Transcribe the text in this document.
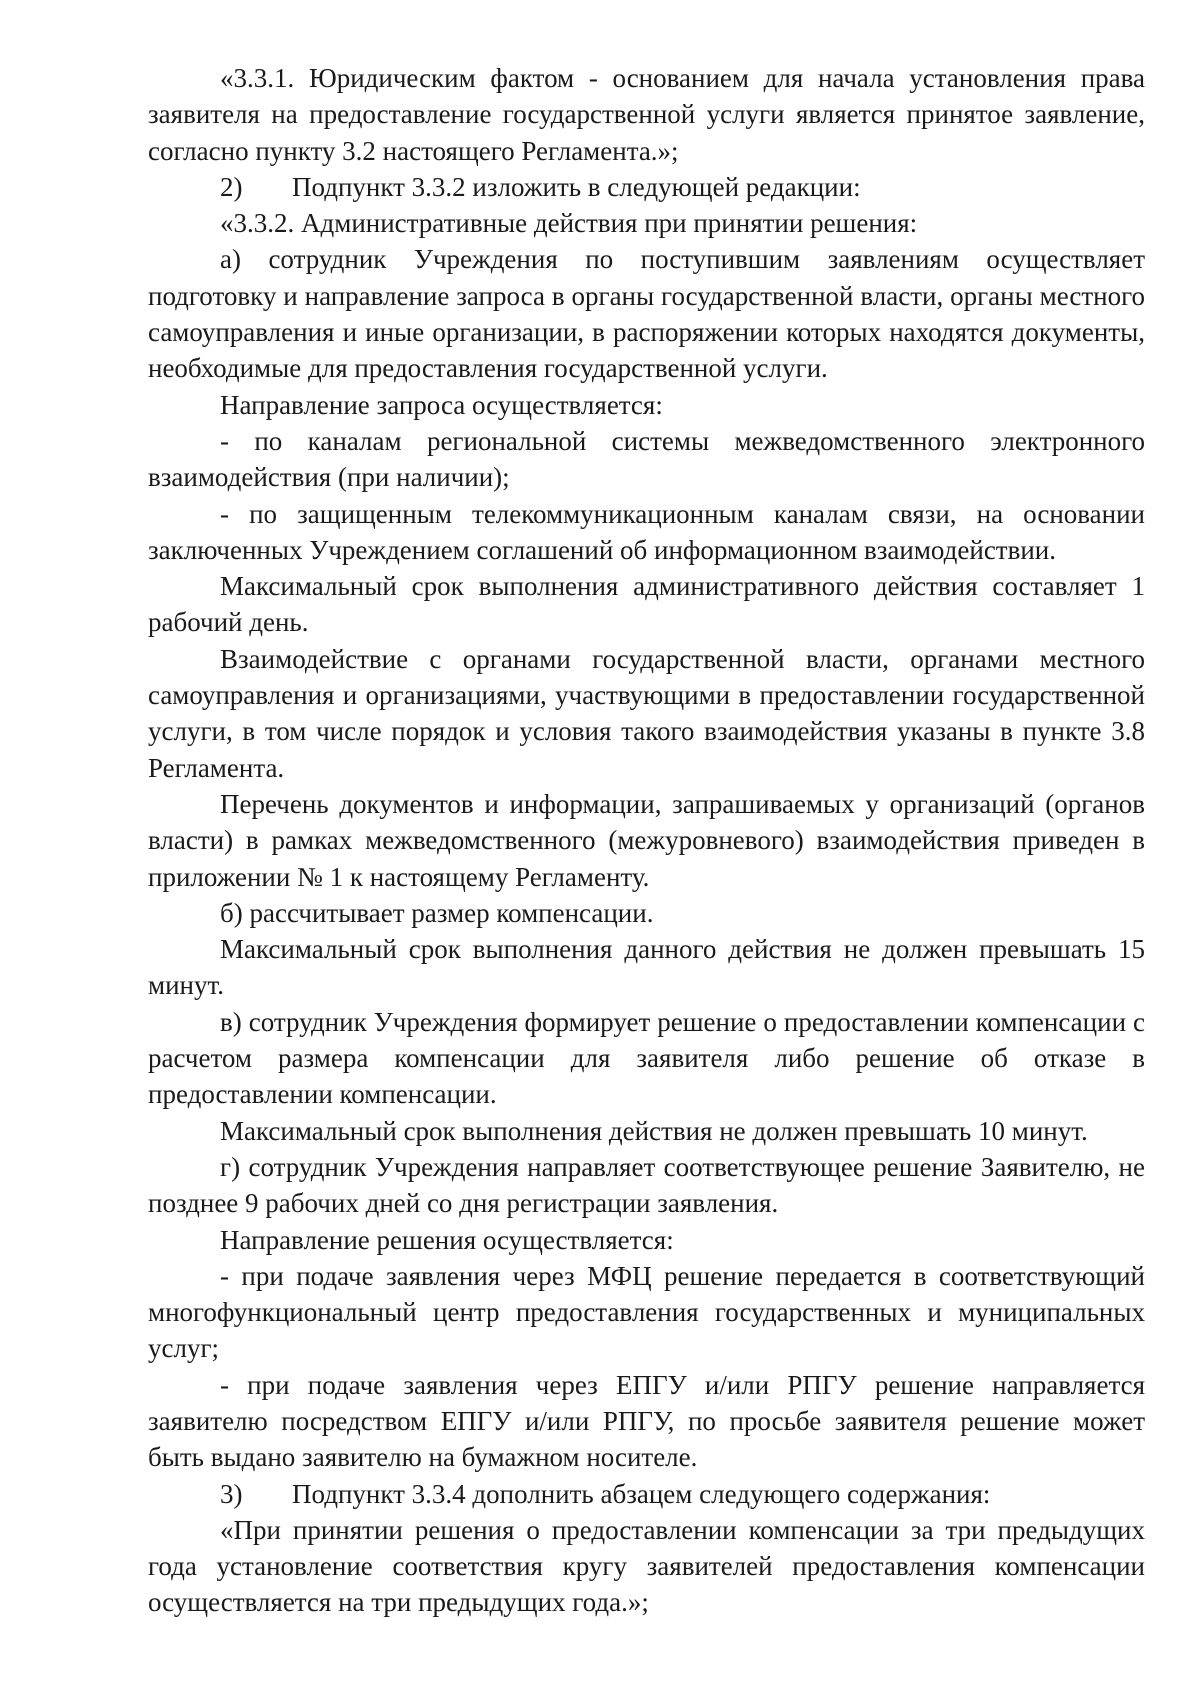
«3.3.1. Юридическим фактом - основанием для начала установления права заявителя на предоставление государственной услуги является принятое заявление, согласно пункту 3.2 настоящего Регламента.»;

2) Подпункт 3.3.2 изложить в следующей редакции:

«3.3.2. Административные действия при принятии решения:

а) сотрудник Учреждения по поступившим заявлениям осуществляет подготовку и направление запроса в органы государственной власти, органы местного самоуправления и иные организации, в распоряжении которых находятся документы, необходимые для предоставления государственной услуги.

Направление запроса осуществляется:

- по каналам региональной системы межведомственного электронного взаимодействия (при наличии);

- по защищенным телекоммуникационным каналам связи, на основании заключенных Учреждением соглашений об информационном взаимодействии.

Максимальный срок выполнения административного действия составляет 1 рабочий день.

Взаимодействие с органами государственной власти, органами местного самоуправления и организациями, участвующими в предоставлении государственной услуги, в том числе порядок и условия такого взаимодействия указаны в пункте 3.8 Регламента.

Перечень документов и информации, запрашиваемых у организаций (органов власти) в рамках межведомственного (межуровневого) взаимодействия приведен в приложении № 1 к настоящему Регламенту.

б) рассчитывает размер компенсации.

Максимальный срок выполнения данного действия не должен превышать 15 минут.

в) сотрудник Учреждения формирует решение о предоставлении компенсации с расчетом размера компенсации для заявителя либо решение об отказе в предоставлении компенсации.

Максимальный срок выполнения действия не должен превышать 10 минут.

г) сотрудник Учреждения направляет соответствующее решение Заявителю, не позднее 9 рабочих дней со дня регистрации заявления.

Направление решения осуществляется:

- при подаче заявления через МФЦ решение передается в соответствующий многофункциональный центр предоставления государственных и муниципальных услуг;

- при подаче заявления через ЕПГУ и/или РПГУ решение направляется заявителю посредством ЕПГУ и/или РПГУ, по просьбе заявителя решение может быть выдано заявителю на бумажном носителе.

3) Подпункт 3.3.4 дополнить абзацем следующего содержания:

«При принятии решения о предоставлении компенсации за три предыдущих года установление соответствия кругу заявителей предоставления компенсации осуществляется на три предыдущих года.»;
